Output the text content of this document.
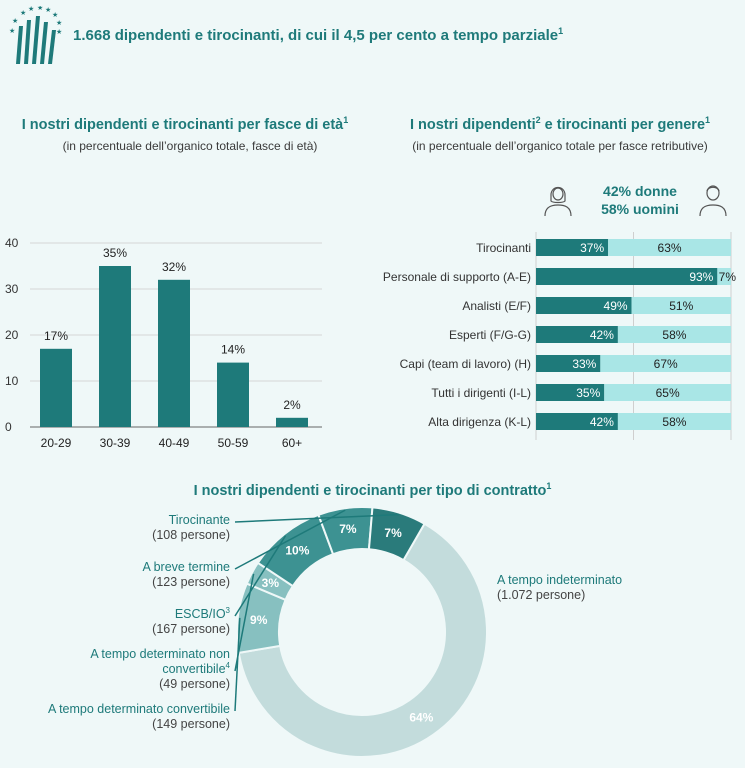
★
★ ★ ★
★
★
★
★
★	1.668 dipendenti e tirocinanti, di cui il 4,5 per cento a tempo parziale$^1$
I nostri dipendenti e tirocinanti per fasce di età$^1$
(in percentuale dell’organico totale, fasce di età)
I nostri dipendenti$^2$ e tirocinanti per genere$^1$
(in percentuale dell’organico totale per fasce retributive)
42% donne
58% uomini
0
10
20
30
40
17%
20-29
35%
30-39
32%
40-49
14%
50-59
2%
60+
Tirocinanti	37%	63%
Personale di supporto (A-E)	93% 7%
Analisti (E/F)	49%	51%
Esperti (F/G-G)	42%	58%
Capi (team di lavoro) (H)	33%	67%
Tutti i dirigenti (I-L)	35%	65%
Alta dirigenza (K-L)	42%	58%
I nostri dipendenti e tirocinanti per tipo di contratto$^1$
64%
9%
3%
10%
7% 7%
A tempo indeterminato
(1.072 persone)
Tirocinante
(108 persone)
A breve termine
(123 persone)
ESCB/$IO^3$
(167 persone)
A tempo determinato non
convertibile$^4$
(49 persone)
A tempo determinato convertibile
(149 persone)
